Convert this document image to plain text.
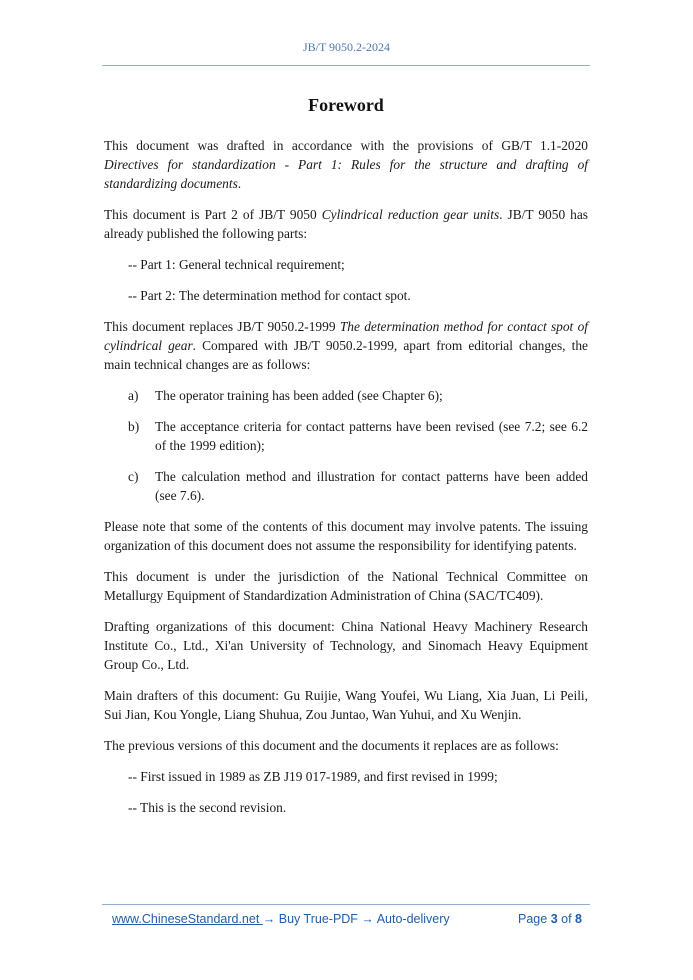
JB/T 9050.2-2024
Foreword

This document was drafted in accordance with the provisions of GB/T 1.1-2020 Directives for standardization - Part 1: Rules for the structure and drafting of standardizing documents.

This document is Part 2 of JB/T 9050 Cylindrical reduction gear units. JB/T 9050 has already published the following parts:

-- Part 1: General technical requirement;

-- Part 2: The determination method for contact spot.

This document replaces JB/T 9050.2-1999 The determination method for contact spot of cylindrical gear. Compared with JB/T 9050.2-1999, apart from editorial changes, the main technical changes are as follows:

a)	The operator training has been added (see Chapter 6);
b)	The acceptance criteria for contact patterns have been revised (see 7.2; see 6.2 of the 1999 edition);
c)	The calculation method and illustration for contact patterns have been added (see 7.6).

Please note that some of the contents of this document may involve patents. The issuing organization of this document does not assume the responsibility for identifying patents.

This document is under the jurisdiction of the National Technical Committee on Metallurgy Equipment of Standardization Administration of China (SAC/TC409).

Drafting organizations of this document: China National Heavy Machinery Research Institute Co., Ltd., Xi'an University of Technology, and Sinomach Heavy Equipment Group Co., Ltd.

Main drafters of this document: Gu Ruijie, Wang Youfei, Wu Liang, Xia Juan, Li Peili, Sui Jian, Kou Yongle, Liang Shuhua, Zou Juntao, Wan Yuhui, and Xu Wenjin.

The previous versions of this document and the documents it replaces are as follows:

-- First issued in 1989 as ZB J19 017-1989, and first revised in 1999;

-- This is the second revision.

www.ChineseStandard.net → Buy True-PDF → Auto-delivery	Page 3 of 8
